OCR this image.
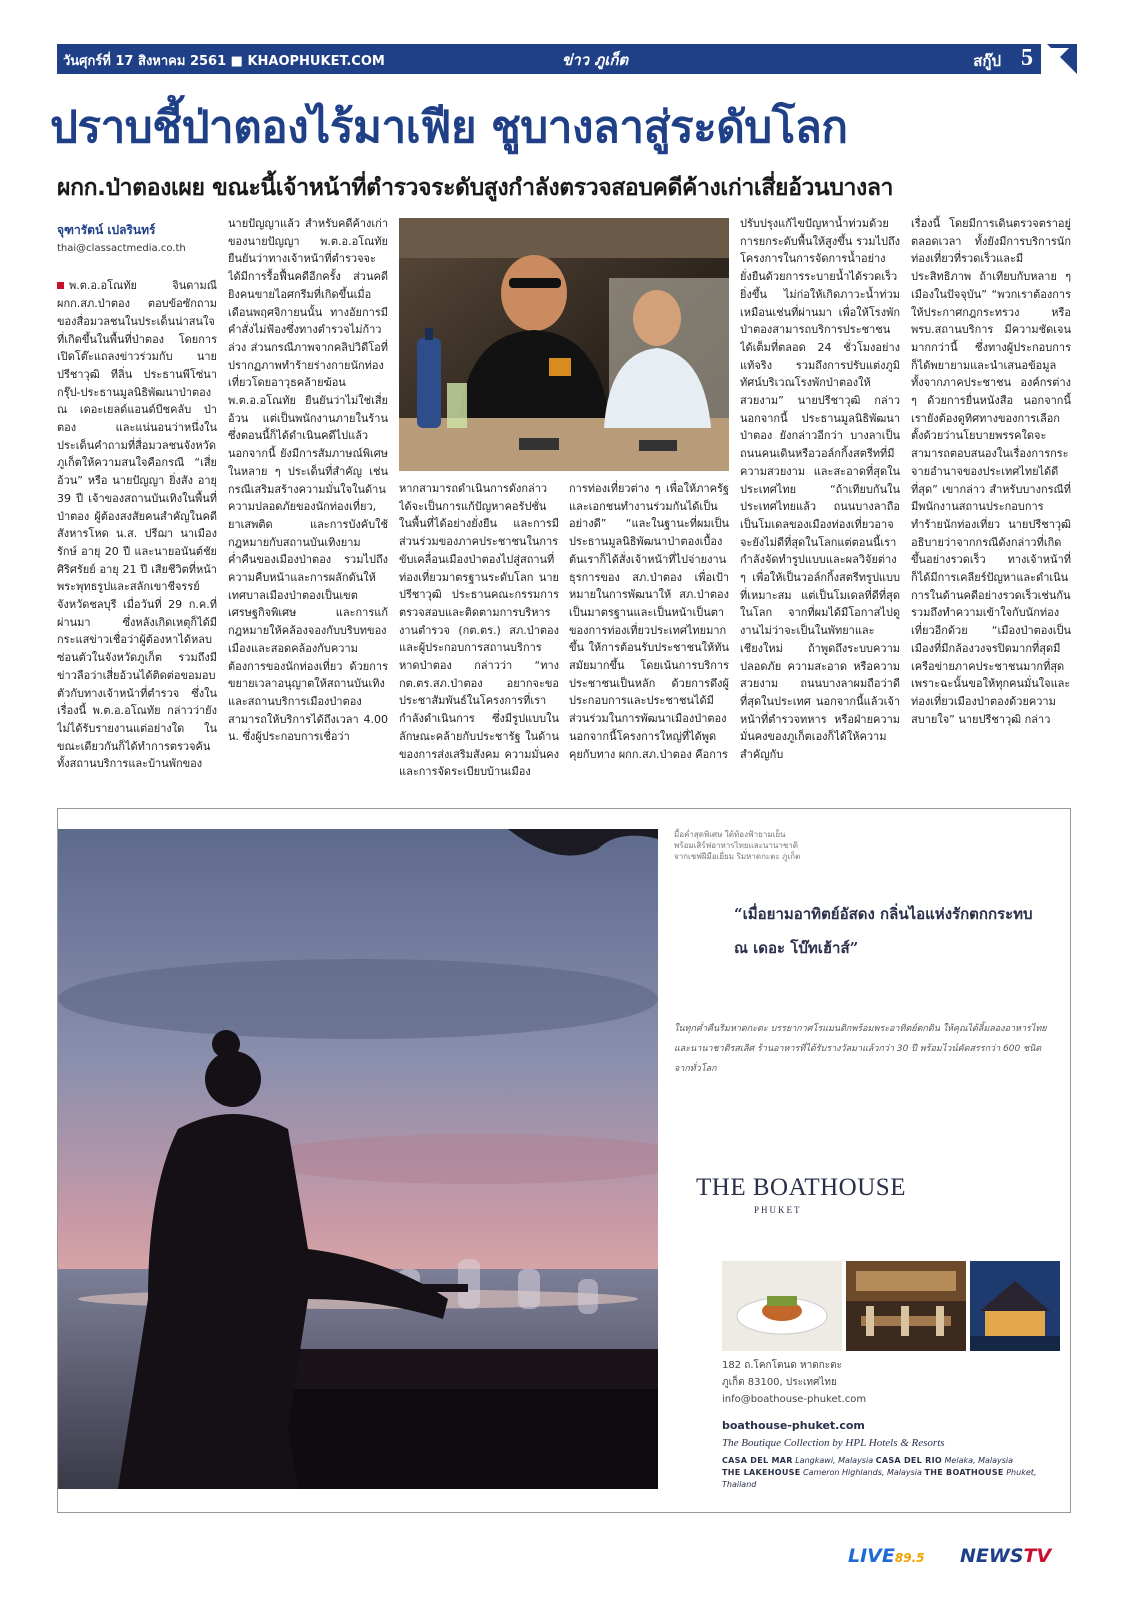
วันศุกร์ที่ 17 สิงหาคม 2561 ■ KHAOPHUKET.COM	ข่าว ภูเก็ต	สกู๊ป 5
ปราบชี้ป่าตองไร้มาเฟีย ชูบางลาสู่ระดับโลก
ผกก.ป่าตองเผย ขณะนี้เจ้าหน้าที่ตำรวจระดับสูงกำลังตรวจสอบคดีค้างเก่าเสี่ยอ้วนบางลา
จุฑารัตน์ เปลรินทร์
thai@classactmedia.co.th

พ.ต.อ.อโณทัย จินดามณี ผกก.สภ.ป่าตอง ตอบข้อซักถามของสื่อมวลชนในประเด็นน่าสนใจที่เกิดขึ้นในพื้นที่ป่าตอง โดยการเปิดโต๊ะแถลงข่าวร่วมกับ นายปรีชาวุฒิ ทีลิ่น ประธานพีโซ่นากรุ๊ป-ประธานมูลนิธิพัฒนาป่าตอง ณ เดอะเยลด์แอนด์บีชคลับ ป่าตอง และแน่นอนว่าหนึ่งในประเด็นคำถามที่สื่อมวลชนจังหวัดภูเก็ตให้ความสนใจคือกรณี “เสี่ยอ้วน” หรือ นายปัญญา ยิ่งสัง อายุ 39 ปี เจ้าของสถานบันเทิงในพื้นที่ป่าตอง ผู้ต้องสงสัยคนสำคัญในคดีสังหารโหด น.ส. ปรีฌา นาเมืองรักษ์ อายุ 20 ปี และนายอนันต์ชัย ศิริศรัยย์ อายุ 21 ปี เสียชีวิตที่หน้าพระพุทธรูปและสลักเขาชีจรรย์ จังหวัดชลบุรี เมื่อวันที่ 29 ก.ค.ที่ผ่านมา ซึ่งหลังเกิดเหตุก็ได้มีกระแสข่าวเชื่อว่าผู้ต้องหาได้หลบซ่อนตัวในจังหวัดภูเก็ต รวมถึงมีข่าวลือว่าเสี่ยอ้วนได้ติดต่อขอมอบตัวกับทางเจ้าหน้าที่ตำรวจ ซึ่งในเรื่องนี้ พ.ต.อ.อโณทัย กล่าวว่ายังไม่ได้รับรายงานแต่อย่างใด ในขณะเดียวกันก็ได้ทำการตรวจค้นทั้งสถานบริการและบ้านพักของ

นายปัญญาแล้ว สำหรับคดีค้างเก่าของนายปัญญา พ.ต.อ.อโณทัย ยืนยันว่าทางเจ้าหน้าที่ตำรวจจะได้มีการรื้อฟื้นคดีอีกครั้ง ส่วนคดียิงคนขายไอศกรีมที่เกิดขึ้นเมื่อเดือนพฤศจิกายนนั้น ทางอัยการมีคำสั่งไม่ฟ้องซึ่งทางตำรวจไม่ก้าวล่วง ส่วนกรณีภาพจากคลิปวิดีโอที่ปรากฏภาพทำร้ายร่างกายนักท่องเที่ยวโดยอาวุธคล้ายฆ้อน พ.ต.อ.อโณทัย ยืนยันว่าไม่ใช่เสี่ยอ้วน แต่เป็นพนักงานภายในร้าน ซึ่งตอนนี้ก็ได้ดำเนินคดีไปแล้ว นอกจากนี้ ยังมีการสัมภาษณ์พิเศษในหลาย ๆ ประเด็นที่สำคัญ เช่น กรณีเสริมสร้างความมั่นใจในด้านความปลอดภัยของนักท่องเที่ยว, ยาเสพติด และการบังคับใช้กฎหมายกับสถานบันเทิงยามค่ำคืนของเมืองป่าตอง รวมไปถึงความคืบหน้าและการผลักดันให้เทศบาลเมืองป่าตองเป็นเขตเศรษฐกิจพิเศษ และการแก้กฎหมายให้คล้องจองกับบริบทของเมืองและสอดคล้องกับความต้องการของนักท่องเที่ยว ด้วยการขยายเวลาอนุญาตให้สถานบันเทิงและสถานบริการเมืองป่าตองสามารถให้บริการได้ถึงเวลา 4.00 น. ซึ่งผู้ประกอบการเชื่อว่า

หากสามารถดำเนินการดังกล่าวได้จะเป็นการแก้ปัญหาคอรัปชั่นในพื้นที่ได้อย่างยั่งยืน และการมีส่วนร่วมของภาคประชาชนในการขับเคลื่อนเมืองป่าตองไปสู่สถานที่ท่องเที่ยวมาตรฐานระดับโลก นายปรีชาวุฒิ ประธานคณะกรรมการตรวจสอบและติดตามการบริหารงานตำรวจ (กต.ตร.) สภ.ป่าตอง และผู้ประกอบการสถานบริการหาดป่าตอง กล่าวว่า “ทาง กต.ตร.สภ.ป่าตอง อยากจะขอประชาสัมพันธ์ในโครงการที่เรากำลังดำเนินการ ซึ่งมีรูปแบบในลักษณะคล้ายกับประชารัฐ ในด้านของการส่งเสริมสังคม ความมั่นคงและการจัดระเบียบบ้านเมือง

การท่องเที่ยวต่าง ๆ เพื่อให้ภาครัฐและเอกชนทำงานร่วมกันได้เป็นอย่างดี” “และในฐานะที่ผมเป็นประธานมูลนิธิพัฒนาป่าตองเบื้องต้นเราก็ได้สั่งเจ้าหน้าที่ไปจ่ายงานธุรการของ สภ.ป่าตอง เพื่อเป้าหมายในการพัฒนาให้ สภ.ป่าตองเป็นมาตรฐานและเป็นหน้าเป็นตาของการท่องเที่ยวประเทศไทยมากขึ้น ให้การต้อนรับประชาชนให้ทันสมัยมากขึ้น โดยเน้นการบริการประชาชนเป็นหลัก ด้วยการดึงผู้ประกอบการและประชาชนได้มีส่วนร่วมในการพัฒนาเมืองป่าตองนอกจากนี้โครงการใหญ่ที่ได้พูดคุยกับทาง ผกก.สภ.ป่าตอง คือการ

ปรับปรุงแก้ไขปัญหาน้ำท่วมด้วยการยกระดับพื้นให้สูงขึ้น รวมไปถึงโครงการในการจัดการน้ำอย่างยั่งยืนด้วยการระบายน้ำได้รวดเร็วยิ่งขึ้น ไม่ก่อให้เกิดภาวะน้ำท่วมเหมือนเช่นที่ผ่านมา เพื่อให้โรงพักป่าตองสามารถบริการประชาชนได้เต็มที่ตลอด 24 ชั่วโมงอย่างแท้จริง รวมถึงการปรับแต่งภูมิทัศน์บริเวณโรงพักป่าตองให้สวยงาม” นายปรีชาวุฒิ กล่าว นอกจากนี้ ประธานมูลนิธิพัฒนาป่าตอง ยังกล่าวอีกว่า บางลาเป็นถนนคนเดินหรือวอล์กกิ้งสตรีทที่มีความสวยงาม และสะอาดที่สุดในประเทศไทย “ถ้าเทียบกันในประเทศไทยแล้ว ถนนบางลาถือเป็นโมเดลของเมืองท่องเที่ยวอาจจะยังไม่ดีที่สุดในโลกแต่ตอนนี้เรากำลังจัดทำรูปแบบและผลวิจัยต่าง ๆ เพื่อให้เป็นวอล์กกิ้งสตรีทรูปแบบที่เหมาะสม แต่เป็นโมเดลที่ดีที่สุดในโลก จากที่ผมได้มีโอกาสไปดูงานไม่ว่าจะเป็นในพัทยาและเชียงใหม่ ถ้าพูดถึงระบบความปลอดภัย ความสะอาด หรือความสวยงาม ถนนบางลาผมถือว่าดีที่สุดในประเทศ นอกจากนี้แล้วเจ้าหน้าที่ตำรวจทหาร หรือฝ่ายความมั่นคงของภูเก็ตเองก็ได้ให้ความสำคัญกับ

เรื่องนี้ โดยมีการเดินตรวจตราอยู่ตลอดเวลา ทั้งยังมีการบริการนักท่องเที่ยวที่รวดเร็วและมีประสิทธิภาพ ถ้าเทียบกับหลาย ๆ เมืองในปัจจุบัน” “พวกเราต้องการให้ประกาศกฎกระทรวง หรือ พรบ.สถานบริการ มีความชัดเจนมากกว่านี้ ซึ่งทางผู้ประกอบการก็ได้พยายามและนำเสนอข้อมูล ทั้งจากภาคประชาชน องค์กรต่าง ๆ ด้วยการยื่นหนังสือ นอกจากนี้เรายังต้องดูทิศทางของการเลือกตั้งด้วยว่านโยบายพรรคใดจะสามารถตอบสนองในเรื่องการกระจายอำนาจของประเทศไทยได้ดีที่สุด” เขากล่าว สำหรับบางกรณีที่มีพนักงานสถานประกอบการทำร้ายนักท่องเที่ยว นายปรีชาวุฒิ อธิบายว่าจากกรณีดังกล่าวที่เกิดขึ้นอย่างรวดเร็ว ทางเจ้าหน้าที่ก็ได้มีการเคลียร์ปัญหาและดำเนินการในด้านคดีอย่างรวดเร็วเช่นกัน รวมถึงทำความเข้าใจกับนักท่องเที่ยวอีกด้วย “เมืองป่าตองเป็นเมืองที่มีกล้องวงจรปิดมากที่สุดมีเครือข่ายภาคประชาชนมากที่สุด เพราะฉะนั้นขอให้ทุกคนมั่นใจและท่องเที่ยวเมืองป่าตองด้วยความสบายใจ” นายปรีชาวุฒิ กล่าว

มื้อค่ำสุดพิเศษ ใต้ท้องฟ้ายามเย็น พร้อมเสิร์ฟอาหารไทยและนานาชาติจากเชฟฝีมือเยี่ยม ริมหาดกะตะ ภูเก็ต
“เมื่อยามอาทิตย์อัสดง กลิ่นไอแห่งรักตกกระทบ ณ เดอะ โบ๊ทเฮ้าส์”
ในทุกค่ำคืนริมหาดกะตะ บรรยากาศโรแมนติกพร้อมพระอาทิตย์ตกดิน ให้คุณได้ลิ้มลองอาหารไทยและนานาชาติรสเลิศ ร้านอาหารที่ได้รับรางวัลมาแล้วกว่า 30 ปี พร้อมไวน์คัดสรรกว่า 600 ชนิดจากทั่วโลก
THE BOATHOUSE
PHUKET
182 ถ.โคกโตนด หาดกะตะ
ภูเก็ต 83100, ประเทศไทย
info@boathouse-phuket.com
boathouse-phuket.com
The Boutique Collection by HPL Hotels & Resorts
CASA DEL MAR Langkawi, Malaysia CASA DEL RIO Melaka, Malaysia
THE LAKEHOUSE Cameron Highlands, Malaysia THE BOATHOUSE Phuket, Thailand
LIVE89.5 NEWSTV
